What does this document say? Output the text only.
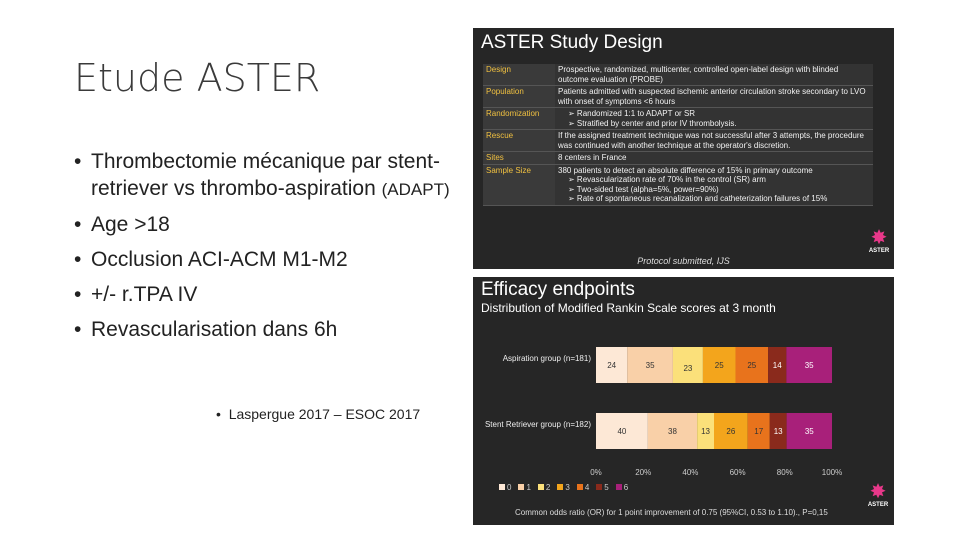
Etude ASTER
• Thrombectomie mécanique par stent-retriever vs thrombo-aspiration (ADAPT)
• Age >18
• Occlusion ACI-ACM M1-M2
• +/- r.TPA IV
• Revascularisation dans 6h
•  Laspergue 2017 – ESOC 2017
ASTER Study Design
Design	Prospective, randomized, multicenter, controlled open-label design with blinded outcome evaluation (PROBE)

Population	Patients admitted with suspected ischemic anterior circulation stroke secondary to LVO with onset of symptoms <6 hours

Randomization	➢ Randomized 1:1 to ADAPT or SR
➢ Stratified by center and prior IV thrombolysis.

Rescue	If the assigned treatment technique was not successful after 3 attempts, the procedure was continued with another technique at the operator's discretion.

Sites	8 centers in France

Sample Size	380 patients to detect an absolute difference of 15% in primary outcome
➢ Revascularization rate of 70% in the control (SR) arm
➢ Two-sided test (alpha=5%, power=90%)
➢ Rate of spontaneous recanalization and catheterization failures of 15%
Protocol submitted, IJS
✸
ASTER
Efficacy endpoints
Distribution of Modified Rankin Scale scores at 3 month
Aspiration group (n=181)
24	35	23	25	25 14	35
Stent Retriever group (n=182)
40	38	13 26 17 13	35
0%	20%	40%	60%	80%	100%
0	1	2	3	4	5	6
Common odds ratio (OR) for 1 point improvement of 0.75 (95%CI, 0.53 to 1.10)., P=0,15
✸
ASTER
